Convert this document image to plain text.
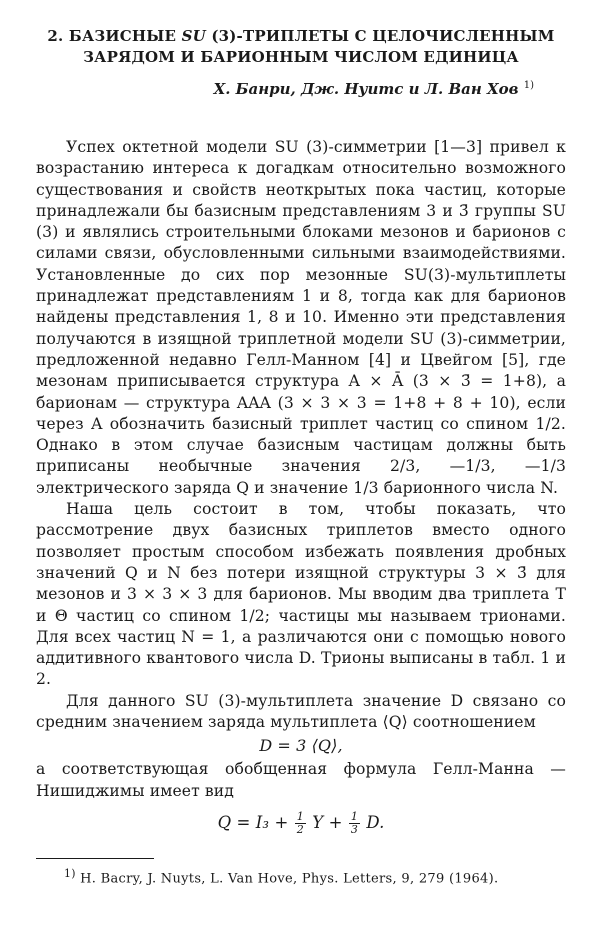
2. БАЗИСНЫЕ SU (3)-ТРИПЛЕТЫ С ЦЕЛОЧИСЛЕННЫМ
ЗАРЯДОМ И БАРИОННЫМ ЧИСЛОМ ЕДИНИЦА
Х. Банри, Дж. Нуитс и Л. Ван Хов $^{1)}$

Успех октетной модели SU (3)-симметрии [1—3] привел к возрастанию интереса к догадкам относительно возможного существования и свойств неоткрытых пока частиц, которые принадлежали бы базисным представлениям 3 и 3̄ группы SU (3) и являлись строительными блоками мезонов и барионов с силами связи, обусловленными сильными взаимодействиями. Установленные до сих пор мезонные SU(3)-мультиплеты принадлежат представлениям 1 и 8, тогда как для барионов найдены представления 1, 8 и 10. Именно эти представления получаются в изящной триплетной модели SU (3)-симметрии, предложенной недавно Гелл-Манном [4] и Цвейгом [5], где мезонам приписывается структура A × Ā (3 × 3̄ = 1+8), а барионам — структура AAA (3 × 3 × 3 = 1+8 + 8 + 10), если через A обозначить базисный триплет частиц со спином 1/2. Однако в этом случае базисным частицам должны быть приписаны необычные значения 2/3, —1/3, —1/3 электрического заряда Q и значение 1/3 барионного числа N.

Наша цель состоит в том, чтобы показать, что рассмотрение двух базисных триплетов вместо одного позволяет простым способом избежать появления дробных значений Q и N без потери изящной структуры 3 × 3̄ для мезонов и 3 × 3 × 3 для барионов. Мы вводим два триплета T и Θ частиц со спином 1/2; частицы мы называем трионами. Для всех частиц N = 1, а различаются они с помощью нового аддитивного квантового числа D. Трионы выписаны в табл. 1 и 2.

Для данного SU (3)-мультиплета значение D связано со средним значением заряда мультиплета ⟨Q⟩ соотношением

D = 3 ⟨Q⟩,

а соответствующая обобщенная формула Гелл-Манна — Нишиджимы имеет вид

$Q = I_3 + \frac{1}{2}$ $Y + \frac{1}{3} D$.
$^{1)}$ H. Bacry, J. Nuyts, L. Van Hove, Phys. Letters, 9, 279 (1964).
